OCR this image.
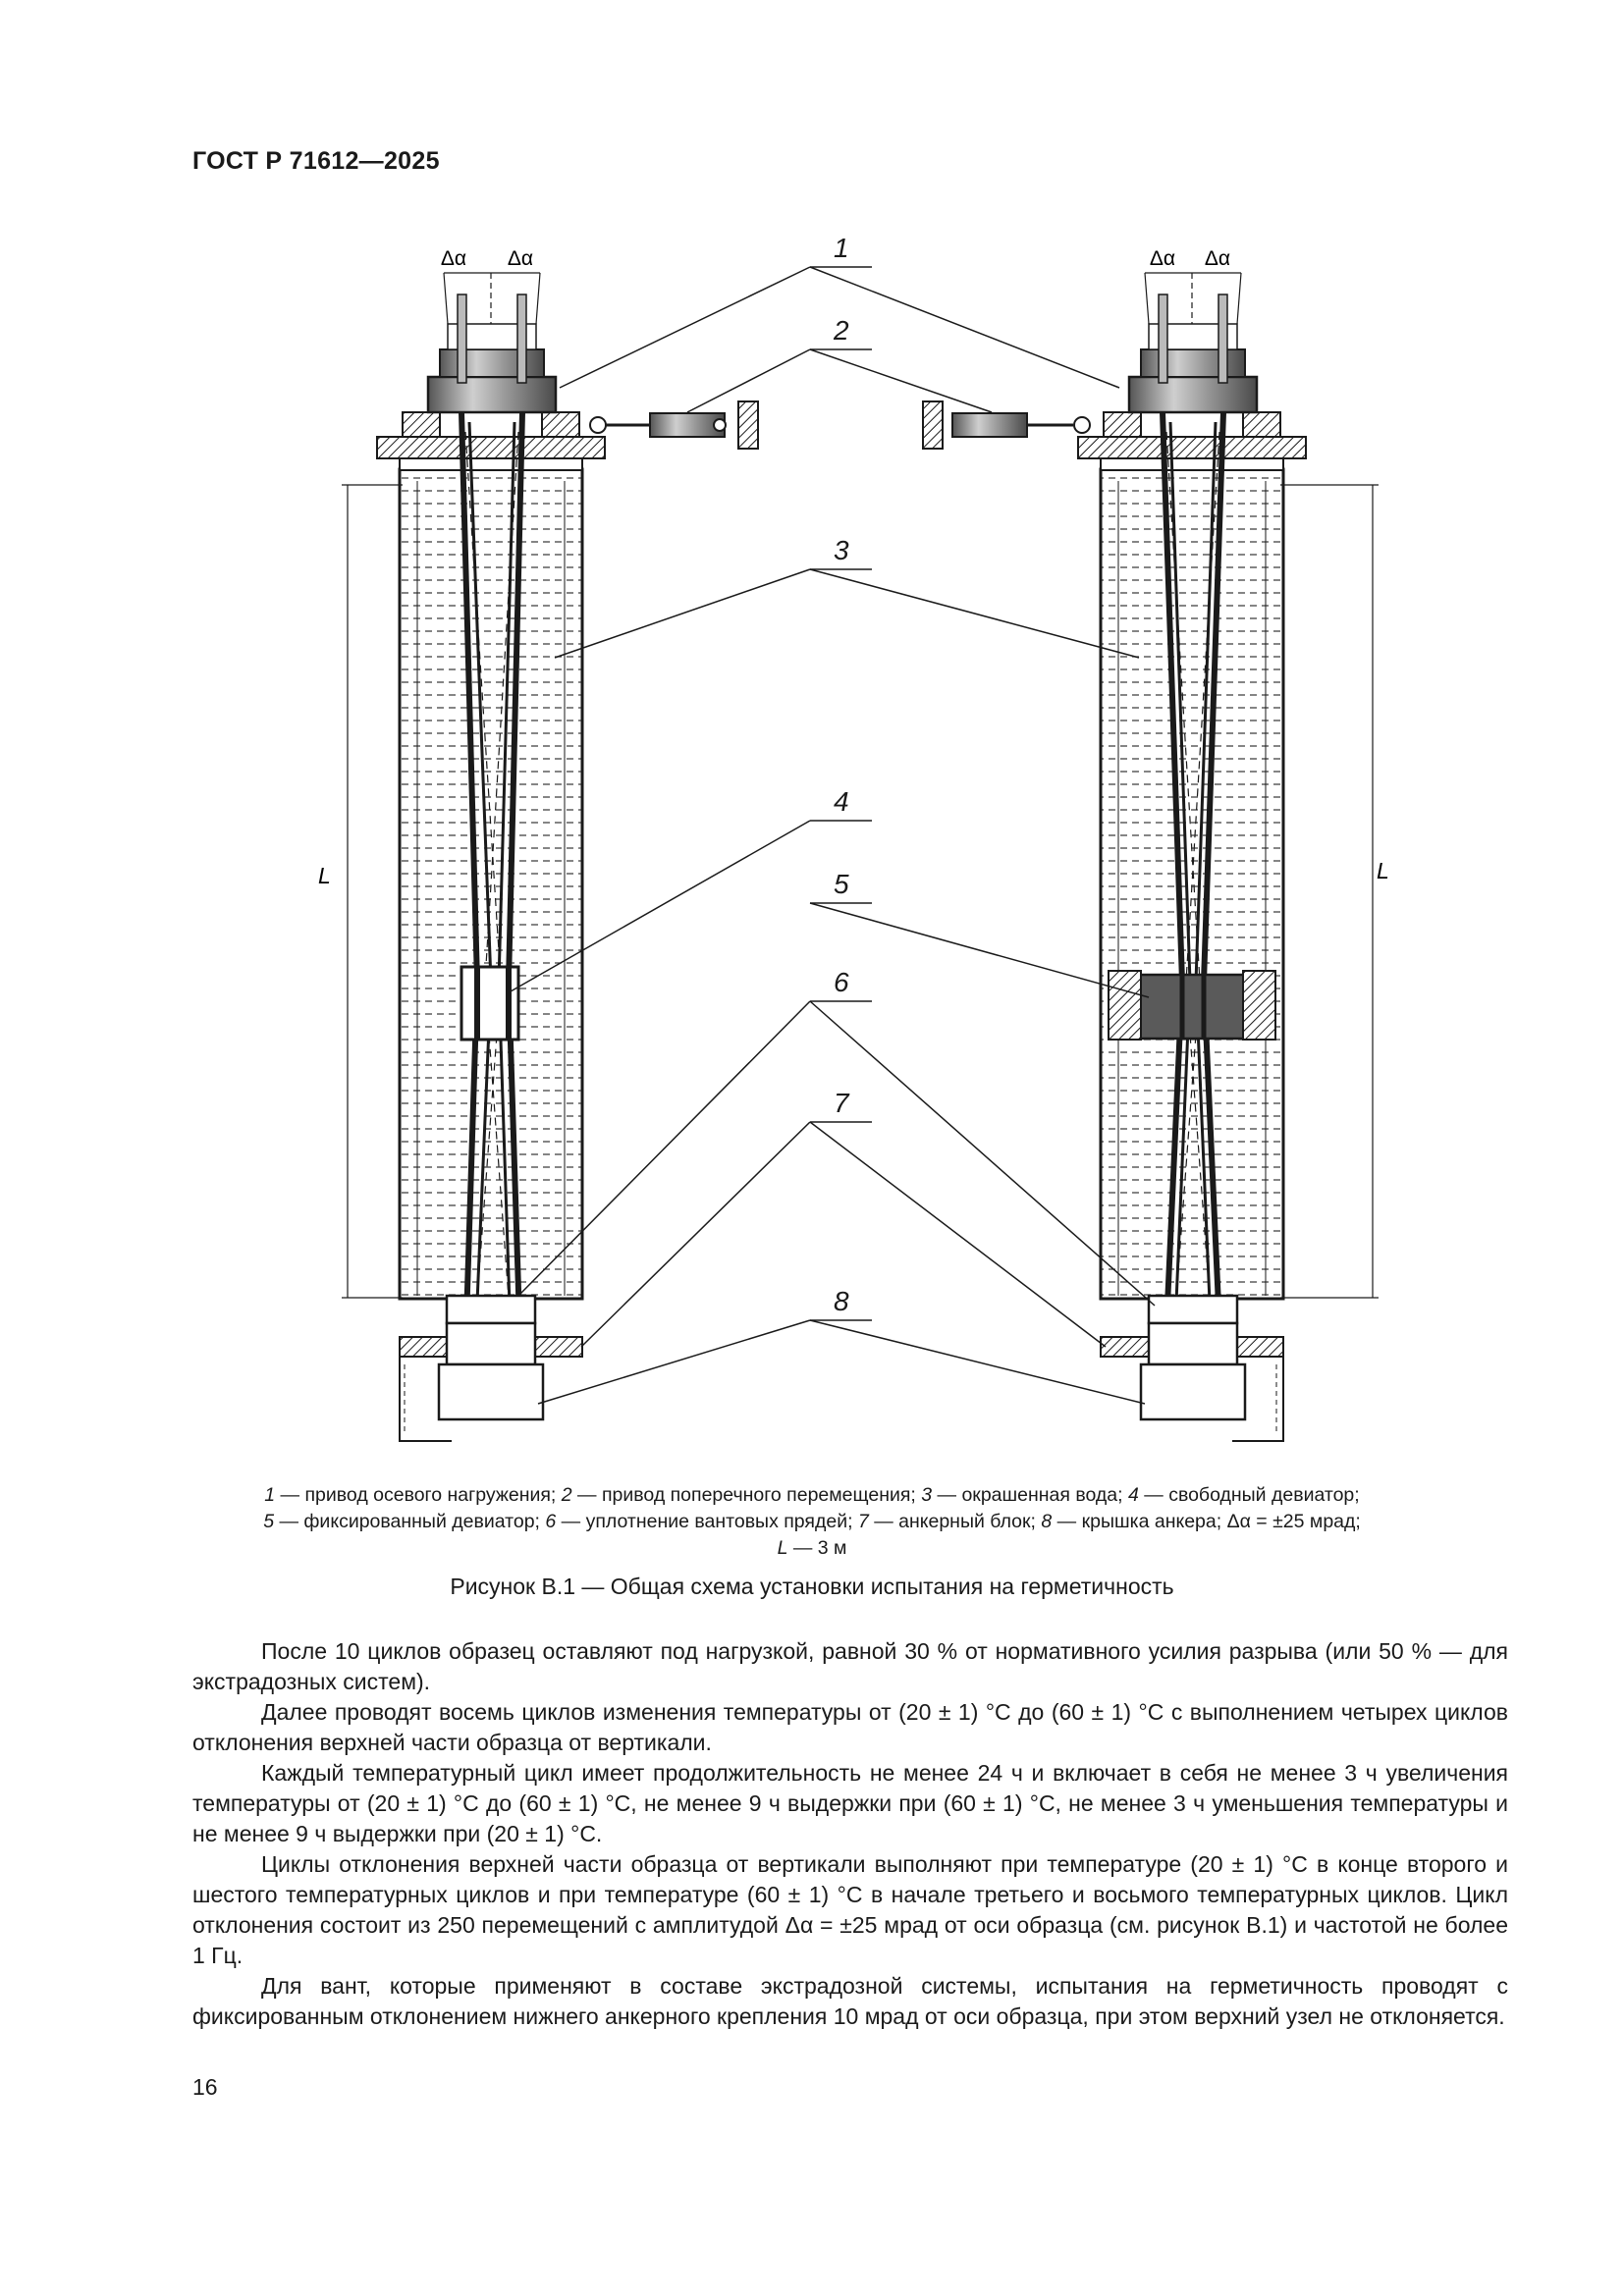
ГОСТ Р 71612—2025
Δα Δα
L
Δα Δα
L
1
2
3
4
5
6
7
8
1 — привод осевого нагружения; 2 — привод поперечного перемещения; 3 — окрашенная вода; 4 — свободный девиатор;
5 — фиксированный девиатор; 6 — уплотнение вантовых прядей; 7 — анкерный блок; 8 — крышка анкера; Δα = ±25 мрад;
L — 3 м
Рисунок В.1 — Общая схема установки испытания на герметичность

После 10 циклов образец оставляют под нагрузкой, равной 30 % от нормативного усилия разрыва (или 50 % — для экстрадозных систем).

Далее проводят восемь циклов изменения температуры от (20 ± 1) °С до (60 ± 1) °С с выполнением четырех циклов отклонения верхней части образца от вертикали.

Каждый температурный цикл имеет продолжительность не менее 24 ч и включает в себя не менее 3 ч увеличения температуры от (20 ± 1) °С до (60 ± 1) °С, не менее 9 ч выдержки при (60 ± 1) °С, не менее 3 ч уменьшения температуры и не менее 9 ч выдержки при (20 ± 1) °С.

Циклы отклонения верхней части образца от вертикали выполняют при температуре (20 ± 1) °С в конце второго и шестого температурных циклов и при температуре (60 ± 1) °С в начале третьего и восьмого температурных циклов. Цикл отклонения состоит из 250 перемещений с амплитудой Δα = ±25 мрад от оси образца (см. рисунок В.1) и частотой не более 1 Гц.

Для вант, которые применяют в составе экстрадозной системы, испытания на герметичность проводят с фиксированным отклонением нижнего анкерного крепления 10 мрад от оси образца, при этом верхний узел не отклоняется.

16
